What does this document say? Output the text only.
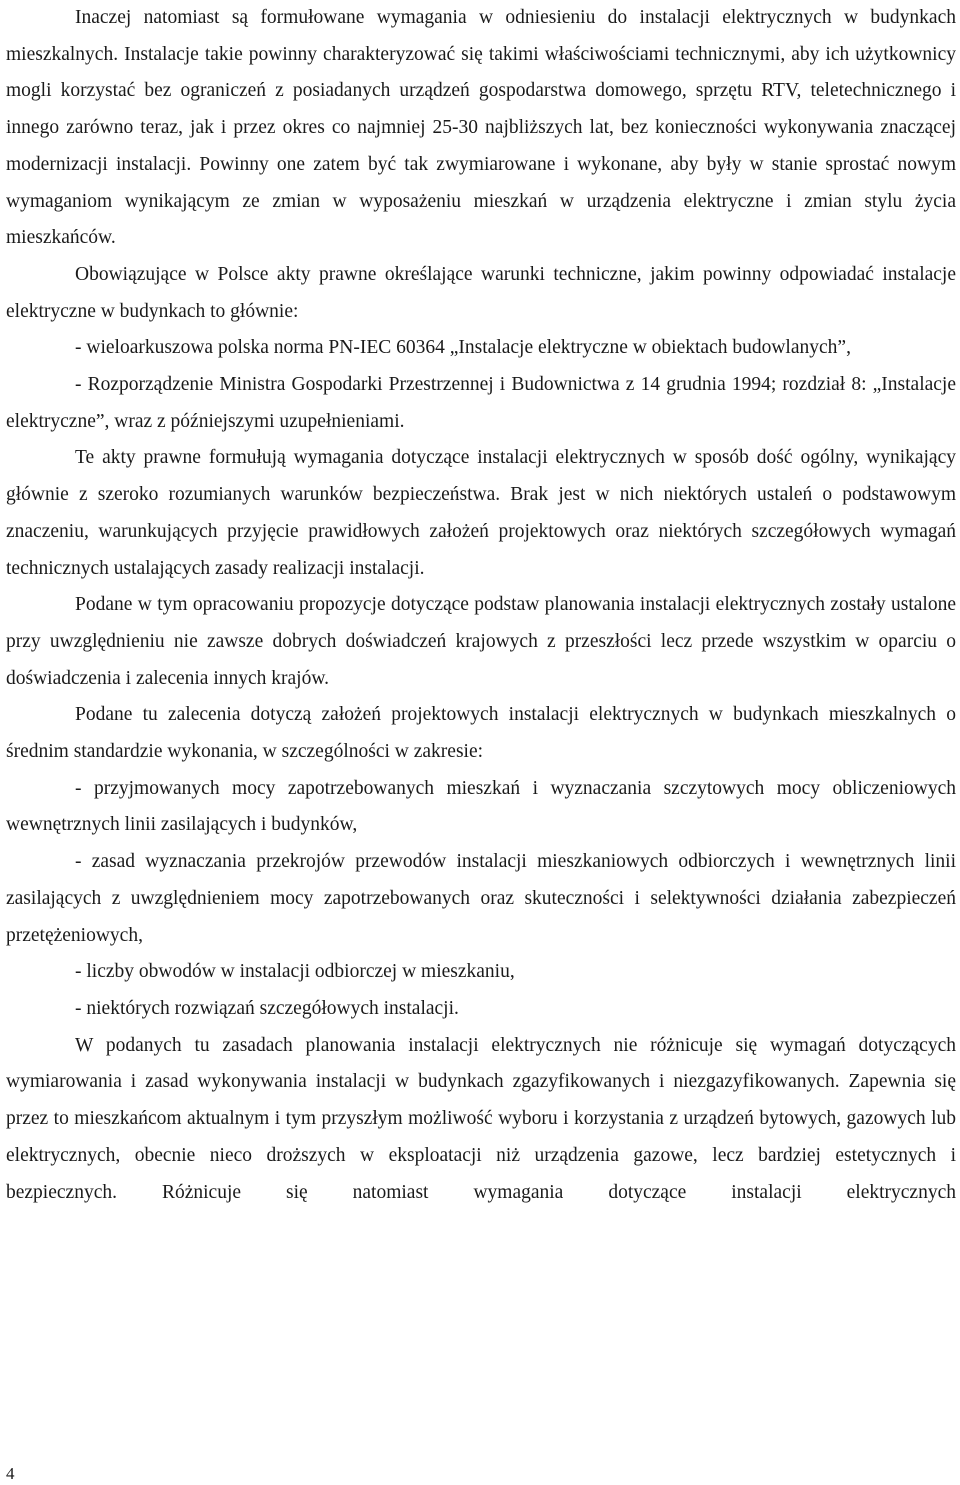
Inaczej natomiast są formułowane wymagania w odniesieniu do instalacji elektrycznych w budynkach mieszkalnych. Instalacje takie powinny charakteryzować się takimi właściwościami technicznymi, aby ich użytkownicy mogli korzystać bez ograniczeń z posiadanych urządzeń gospodarstwa domowego, sprzętu RTV, teletechnicznego i innego zarówno teraz, jak i przez okres co najmniej 25-30 najbliższych lat, bez konieczności wykonywania znaczącej modernizacji instalacji. Powinny one zatem być tak zwymiarowane i wykonane, aby były w stanie sprostać nowym wymaganiom wynikającym ze zmian w wyposażeniu mieszkań w urządzenia elektryczne i zmian stylu życia mieszkańców.

Obowiązujące w Polsce akty prawne określające warunki techniczne, jakim powinny odpowiadać instalacje elektryczne w budynkach to głównie:

- wieloarkuszowa polska norma PN-IEC 60364 „Instalacje elektryczne w obiektach budowlanych”,

- Rozporządzenie Ministra Gospodarki Przestrzennej i Budownictwa z 14 grudnia 1994; rozdział 8: „Instalacje elektryczne”, wraz z późniejszymi uzupełnieniami.

Te akty prawne formułują wymagania dotyczące instalacji elektrycznych w sposób dość ogólny, wynikający głównie z szeroko rozumianych warunków bezpieczeństwa. Brak jest w nich niektórych ustaleń o podstawowym znaczeniu, warunkujących przyjęcie prawidłowych założeń projektowych oraz niektórych szczegółowych wymagań technicznych ustalających zasady realizacji instalacji.

Podane w tym opracowaniu propozycje dotyczące podstaw planowania instalacji elektrycznych zostały ustalone przy uwzględnieniu nie zawsze dobrych doświadczeń krajowych z przeszłości lecz przede wszystkim w oparciu o doświadczenia i zalecenia innych krajów.

Podane tu zalecenia dotyczą założeń projektowych instalacji elektrycznych w budynkach mieszkalnych o średnim standardzie wykonania, w szczególności w zakresie:

- przyjmowanych mocy zapotrzebowanych mieszkań i wyznaczania szczytowych mocy obliczeniowych wewnętrznych linii zasilających i budynków,

- zasad wyznaczania przekrojów przewodów instalacji mieszkaniowych odbiorczych i wewnętrznych linii zasilających z uwzględnieniem mocy zapotrzebowanych oraz skuteczności i selektywności działania zabezpieczeń przetężeniowych,

- liczby obwodów w instalacji odbiorczej w mieszkaniu,

- niektórych rozwiązań szczegółowych instalacji.

W podanych tu zasadach planowania instalacji elektrycznych nie różnicuje się wymagań dotyczących wymiarowania i zasad wykonywania instalacji w budynkach zgazyfikowanych i niezgazyfikowanych. Zapewnia się przez to mieszkańcom aktualnym i tym przyszłym możliwość wyboru i korzystania z urządzeń bytowych, gazowych lub elektrycznych, obecnie nieco droższych w eksploatacji niż urządzenia gazowe, lecz bardziej estetycznych i bezpiecznych. Różnicuje się natomiast wymagania dotyczące instalacji elektrycznych

4
